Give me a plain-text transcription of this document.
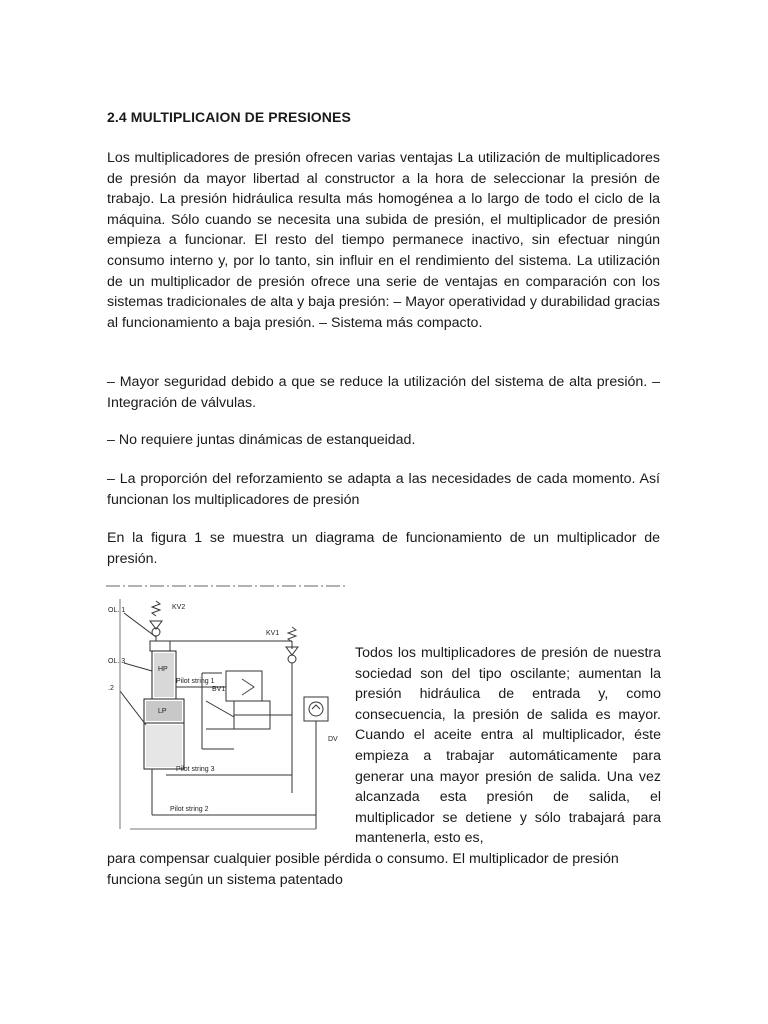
2.4 MULTIPLICAION DE PRESIONES

Los multiplicadores de presión ofrecen varias ventajas La utilización de multiplicadores de presión da mayor libertad al constructor a la hora de seleccionar la presión de trabajo. La presión hidráulica resulta más homogénea a lo largo de todo el ciclo de la máquina. Sólo cuando se necesita una subida de presión, el multiplicador de presión empieza a funcionar. El resto del tiempo permanece inactivo, sin efectuar ningún consumo interno y, por lo tanto, sin influir en el rendimiento del sistema. La utilización de un multiplicador de presión ofrece una serie de ventajas en comparación con los sistemas tradicionales de alta y baja presión: – Mayor operatividad y durabilidad gracias al funcionamiento a baja presión. – Sistema más compacto.

– Mayor seguridad debido a que se reduce la utilización del sistema de alta presión. – Integración de válvulas.

– No requiere juntas dinámicas de estanqueidad.

– La proporción del reforzamiento se adapta a las necesidades de cada momento. Así funcionan los multiplicadores de presión

En la figura 1 se muestra un diagrama de funcionamiento de un multiplicador de presión.

OL. 1
OL. 3
.2
KV2
KV1
HP
LP
BV1
DV
Pilot string 1
Pilot string 3
Pilot string 2

Todos los multiplicadores de presión de nuestra sociedad son del tipo oscilante; aumentan la presión hidráulica de entrada y, como consecuencia, la presión de salida es mayor. Cuando el aceite entra al multiplicador, éste empieza a trabajar automáticamente para generar una mayor presión de salida. Una vez alcanzada esta presión de salida, el multiplicador se detiene y sólo trabajará para mantenerla, esto es,

para compensar cualquier posible pérdida o consumo. El multiplicador de presión funciona según un sistema patentado
